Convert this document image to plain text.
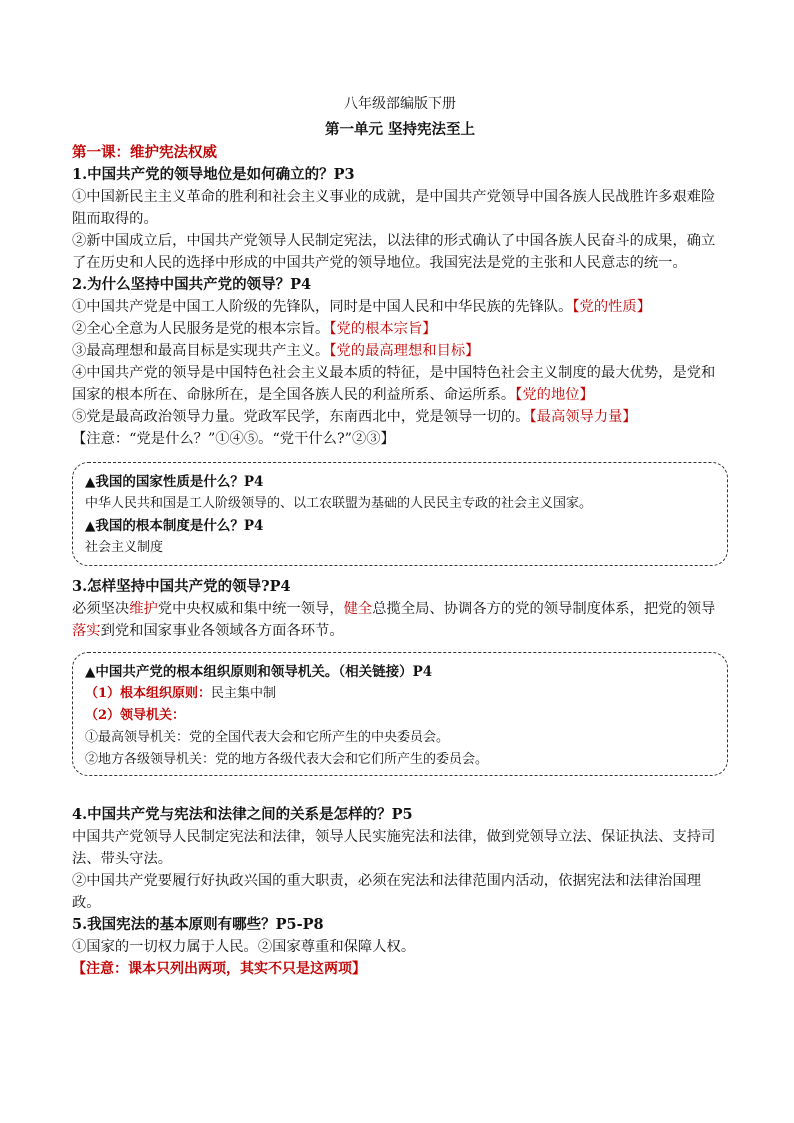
八年级部编版下册
第一单元 坚持宪法至上
第一课：维护宪法权威
1.中国共产党的领导地位是如何确立的？P3
①中国新民主主义革命的胜利和社会主义事业的成就，是中国共产党领导中国各族人民战胜许多艰难险阻而取得的。
②新中国成立后，中国共产党领导人民制定宪法，以法律的形式确认了中国各族人民奋斗的成果，确立了在历史和人民的选择中形成的中国共产党的领导地位。我国宪法是党的主张和人民意志的统一。
2.为什么坚持中国共产党的领导？P4
①中国共产党是中国工人阶级的先锋队，同时是中国人民和中华民族的先锋队。【党的性质】
②全心全意为人民服务是党的根本宗旨。【党的根本宗旨】
③最高理想和最高目标是实现共产主义。【党的最高理想和目标】
④中国共产党的领导是中国特色社会主义最本质的特征，是中国特色社会主义制度的最大优势，是党和国家的根本所在、命脉所在，是全国各族人民的利益所系、命运所系。【党的地位】
⑤党是最高政治领导力量。党政军民学，东南西北中，党是领导一切的。【最高领导力量】
【注意：“党是什么？”①④⑤。“党干什么?”②③】
▲我国的国家性质是什么？P4
中华人民共和国是工人阶级领导的、以工农联盟为基础的人民民主专政的社会主义国家。
▲我国的根本制度是什么？P4
社会主义制度
3.怎样坚持中国共产党的领导?P4
必须坚决维护党中央权威和集中统一领导，健全总揽全局、协调各方的党的领导制度体系，把党的领导落实到党和国家事业各领域各方面各环节。
▲中国共产党的根本组织原则和领导机关。（相关链接）P4
（1）根本组织原则：民主集中制
（2）领导机关：
①最高领导机关：党的全国代表大会和它所产生的中央委员会。
②地方各级领导机关：党的地方各级代表大会和它们所产生的委员会。
4.中国共产党与宪法和法律之间的关系是怎样的？P5
中国共产党领导人民制定宪法和法律，领导人民实施宪法和法律，做到党领导立法、保证执法、支持司法、带头守法。
②中国共产党要履行好执政兴国的重大职责，必须在宪法和法律范围内活动，依据宪法和法律治国理政。
5.我国宪法的基本原则有哪些？P5-P8
①国家的一切权力属于人民。②国家尊重和保障人权。
【注意：课本只列出两项，其实不只是这两项】
